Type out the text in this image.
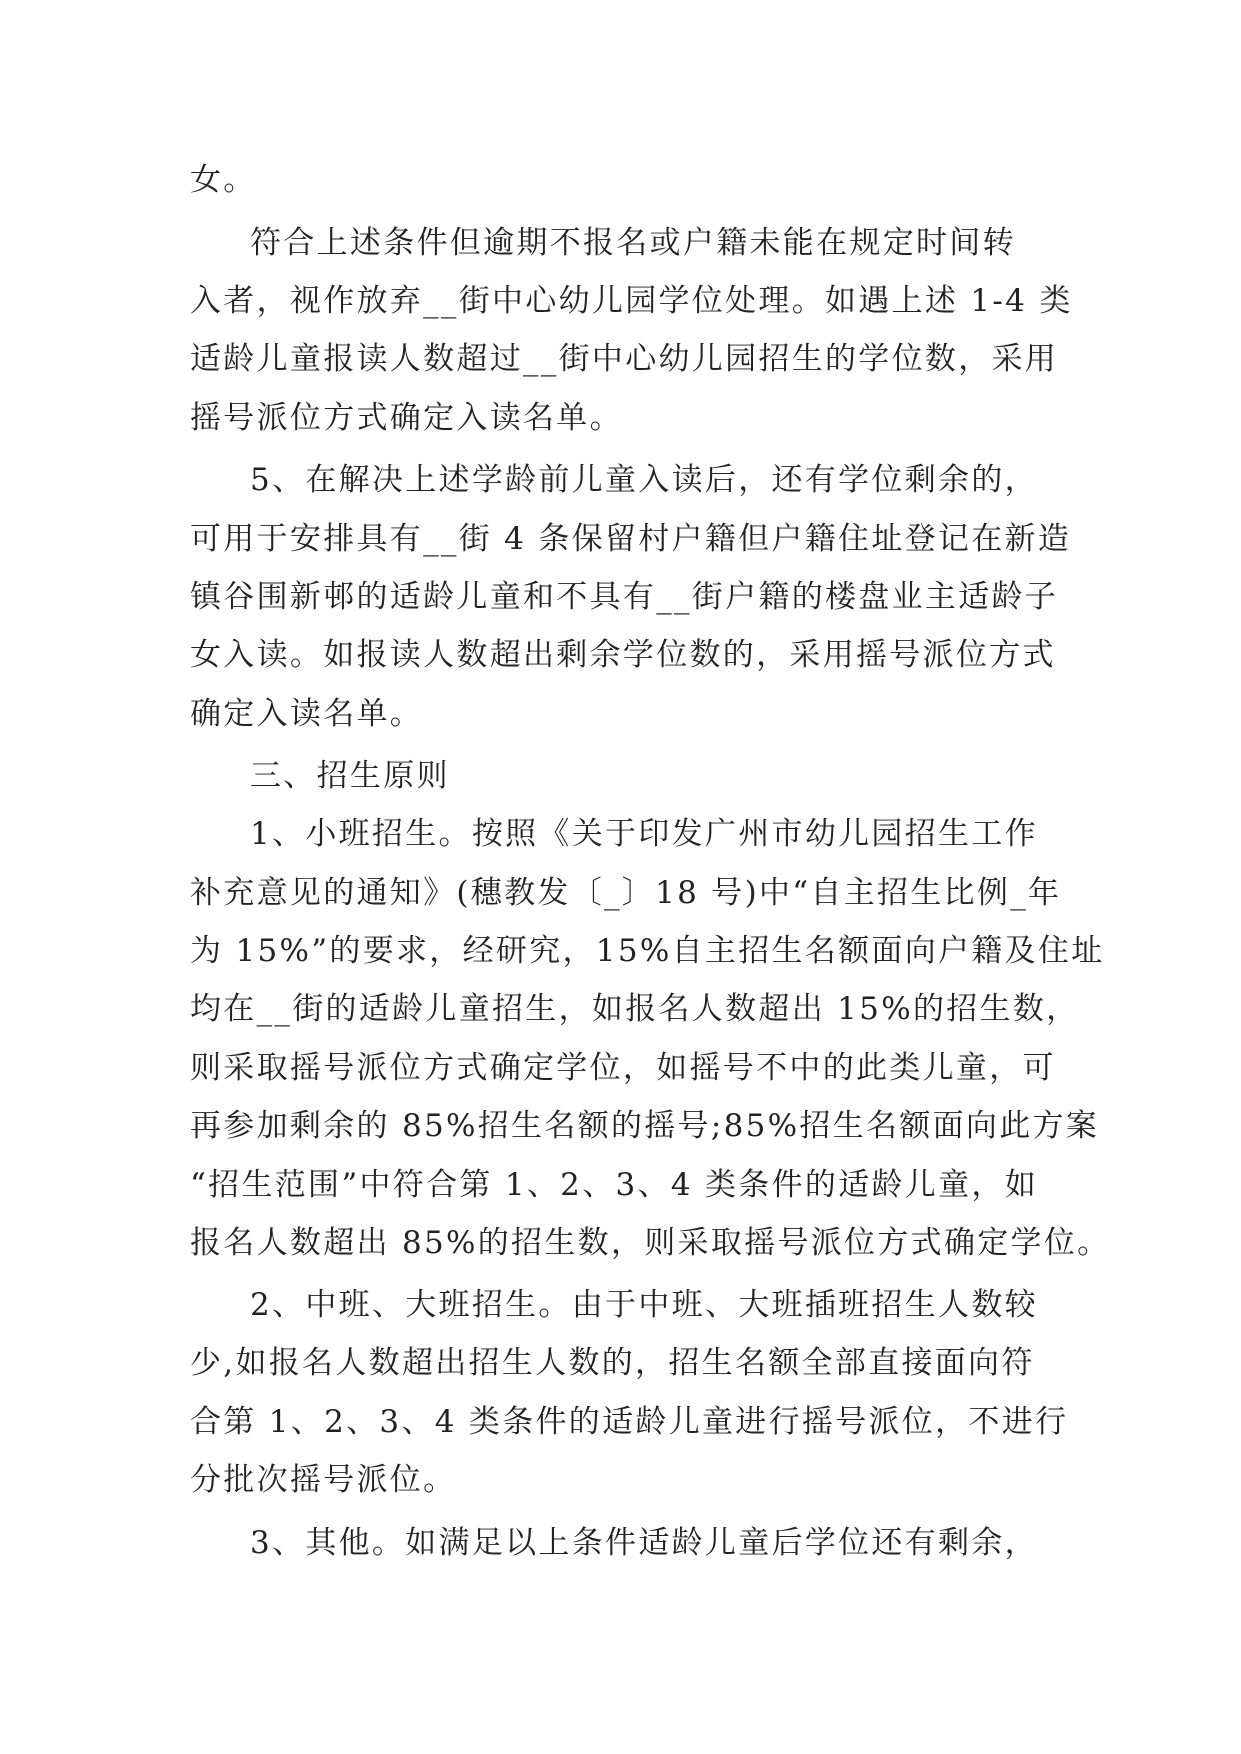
女。
符合上述条件但逾期不报名或户籍未能在规定时间转
入者，视作放弃__街中心幼儿园学位处理。如遇上述 1-4 类
适龄儿童报读人数超过__街中心幼儿园招生的学位数，采用
摇号派位方式确定入读名单。
5、在解决上述学龄前儿童入读后，还有学位剩余的，
可用于安排具有__街 4 条保留村户籍但户籍住址登记在新造
镇谷围新邨的适龄儿童和不具有__街户籍的楼盘业主适龄子
女入读。如报读人数超出剩余学位数的，采用摇号派位方式
确定入读名单。
三、招生原则
1、小班招生。按照《关于印发广州市幼儿园招生工作
补充意见的通知》(穗教发〔_〕18 号)中“自主招生比例_年
为 15%”的要求，经研究，15%自主招生名额面向户籍及住址
均在__街的适龄儿童招生，如报名人数超出 15%的招生数，
则采取摇号派位方式确定学位，如摇号不中的此类儿童，可
再参加剩余的 85%招生名额的摇号;85%招生名额面向此方案
“招生范围”中符合第 1、2、3、4 类条件的适龄儿童，如
报名人数超出 85%的招生数，则采取摇号派位方式确定学位。
2、中班、大班招生。由于中班、大班插班招生人数较
少,如报名人数超出招生人数的，招生名额全部直接面向符
合第 1、2、3、4 类条件的适龄儿童进行摇号派位，不进行
分批次摇号派位。
3、其他。如满足以上条件适龄儿童后学位还有剩余，
